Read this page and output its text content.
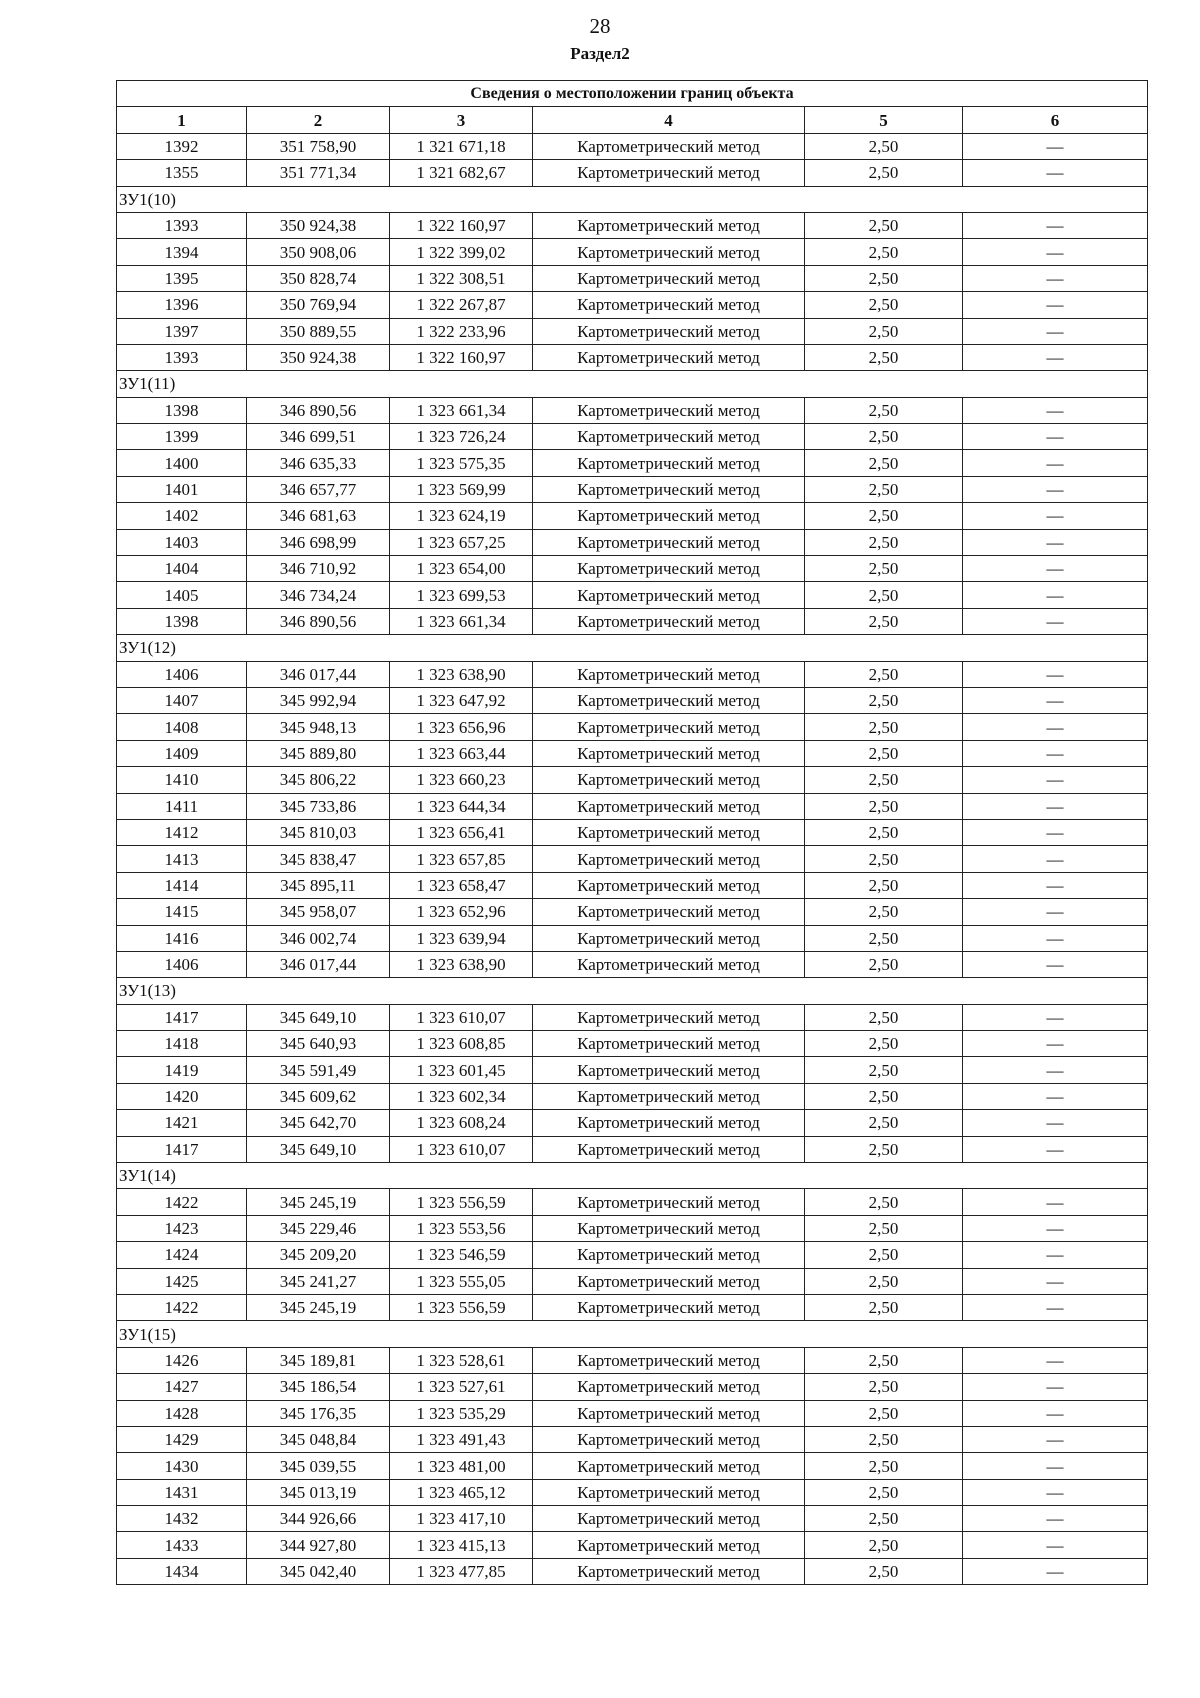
28
Раздел2
Сведения о местоположении границ объекта					
1	2	3	4	5	6
1392	351 758,90	1 321 671,18	Картометрический метод	2,50	—
1355	351 771,34	1 321 682,67	Картометрический метод	2,50	—
ЗУ1(10)					
1393	350 924,38	1 322 160,97	Картометрический метод	2,50	—
1394	350 908,06	1 322 399,02	Картометрический метод	2,50	—
1395	350 828,74	1 322 308,51	Картометрический метод	2,50	—
1396	350 769,94	1 322 267,87	Картометрический метод	2,50	—
1397	350 889,55	1 322 233,96	Картометрический метод	2,50	—
1393	350 924,38	1 322 160,97	Картометрический метод	2,50	—
ЗУ1(11)					
1398	346 890,56	1 323 661,34	Картометрический метод	2,50	—
1399	346 699,51	1 323 726,24	Картометрический метод	2,50	—
1400	346 635,33	1 323 575,35	Картометрический метод	2,50	—
1401	346 657,77	1 323 569,99	Картометрический метод	2,50	—
1402	346 681,63	1 323 624,19	Картометрический метод	2,50	—
1403	346 698,99	1 323 657,25	Картометрический метод	2,50	—
1404	346 710,92	1 323 654,00	Картометрический метод	2,50	—
1405	346 734,24	1 323 699,53	Картометрический метод	2,50	—
1398	346 890,56	1 323 661,34	Картометрический метод	2,50	—
ЗУ1(12)					
1406	346 017,44	1 323 638,90	Картометрический метод	2,50	—
1407	345 992,94	1 323 647,92	Картометрический метод	2,50	—
1408	345 948,13	1 323 656,96	Картометрический метод	2,50	—
1409	345 889,80	1 323 663,44	Картометрический метод	2,50	—
1410	345 806,22	1 323 660,23	Картометрический метод	2,50	—
1411	345 733,86	1 323 644,34	Картометрический метод	2,50	—
1412	345 810,03	1 323 656,41	Картометрический метод	2,50	—
1413	345 838,47	1 323 657,85	Картометрический метод	2,50	—
1414	345 895,11	1 323 658,47	Картометрический метод	2,50	—
1415	345 958,07	1 323 652,96	Картометрический метод	2,50	—
1416	346 002,74	1 323 639,94	Картометрический метод	2,50	—
1406	346 017,44	1 323 638,90	Картометрический метод	2,50	—
ЗУ1(13)					
1417	345 649,10	1 323 610,07	Картометрический метод	2,50	—
1418	345 640,93	1 323 608,85	Картометрический метод	2,50	—
1419	345 591,49	1 323 601,45	Картометрический метод	2,50	—
1420	345 609,62	1 323 602,34	Картометрический метод	2,50	—
1421	345 642,70	1 323 608,24	Картометрический метод	2,50	—
1417	345 649,10	1 323 610,07	Картометрический метод	2,50	—
ЗУ1(14)					
1422	345 245,19	1 323 556,59	Картометрический метод	2,50	—
1423	345 229,46	1 323 553,56	Картометрический метод	2,50	—
1424	345 209,20	1 323 546,59	Картометрический метод	2,50	—
1425	345 241,27	1 323 555,05	Картометрический метод	2,50	—
1422	345 245,19	1 323 556,59	Картометрический метод	2,50	—
ЗУ1(15)					
1426	345 189,81	1 323 528,61	Картометрический метод	2,50	—
1427	345 186,54	1 323 527,61	Картометрический метод	2,50	—
1428	345 176,35	1 323 535,29	Картометрический метод	2,50	—
1429	345 048,84	1 323 491,43	Картометрический метод	2,50	—
1430	345 039,55	1 323 481,00	Картометрический метод	2,50	—
1431	345 013,19	1 323 465,12	Картометрический метод	2,50	—
1432	344 926,66	1 323 417,10	Картометрический метод	2,50	—
1433	344 927,80	1 323 415,13	Картометрический метод	2,50	—
1434	345 042,40	1 323 477,85	Картометрический метод	2,50	—
